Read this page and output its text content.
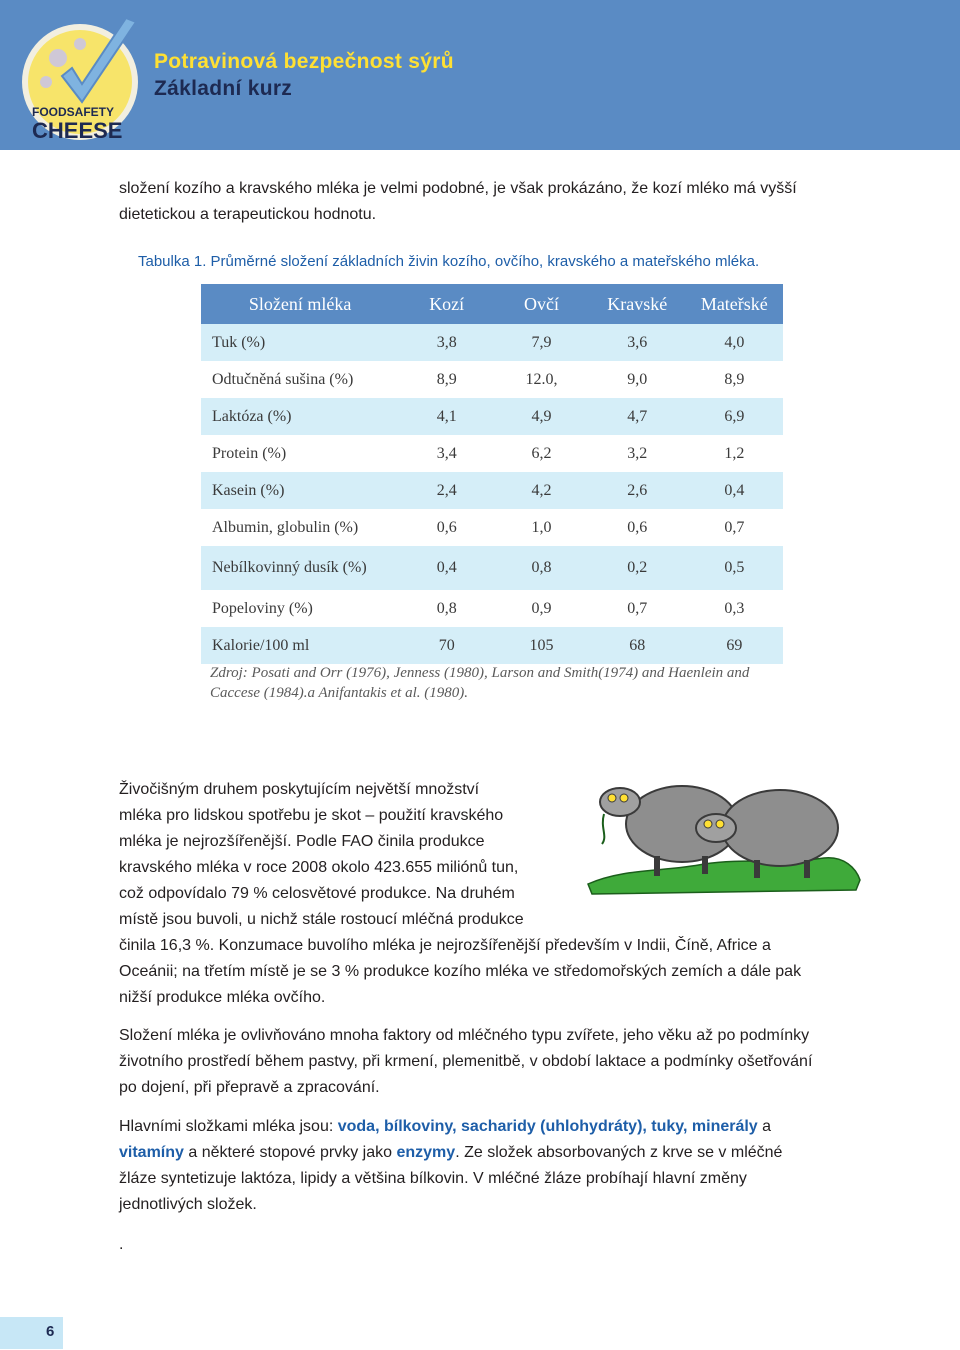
FOODSAFETY
CHEESE
Potravinová bezpečnost sýrů
Základní kurz

složení kozího a kravského mléka je velmi podobné, je však prokázáno, že kozí mléko má vyšší
dietetickou a terapeutickou hodnotu.

Tabulka 1. Průměrné složení základních živin kozího, ovčího, kravského a mateřského mléka.

Složení mléka	Kozí	Ovčí	Kravské	Mateřské
Tuk (%)	3,8	7,9	3,6	4,0
Odtučněná sušina (%)	8,9	12.0,	9,0	8,9
Laktóza (%)	4,1	4,9	4,7	6,9
Protein (%)	3,4	6,2	3,2	1,2
Kasein (%)	2,4	4,2	2,6	0,4
Albumin, globulin (%)	0,6	1,0	0,6	0,7
Nebílkovinný dusík (%)	0,4	0,8	0,2	0,5
Popeloviny (%)	0,8	0,9	0,7	0,3
Kalorie/100 ml	70	105	68	69

Zdroj: Posati and Orr (1976), Jenness (1980), Larson and Smith(1974) and Haenlein and
Caccese (1984).a Anifantakis et al. (1980).

Živočišným druhem poskytujícím největší množství
mléka pro lidskou spotřebu je skot – použití kravského
mléka je nejrozšířenější. Podle FAO činila produkce
kravského mléka v roce 2008 okolo 423.655 miliónů tun,
což odpovídalo 79 % celosvětové produkce. Na druhém
místě jsou buvoli, u nichž stále rostoucí mléčná produkce
činila 16,3 %. Konzumace buvolího mléka je nejrozšířenější především v Indii, Číně, Africe a
Oceánii; na třetím místě je se 3 % produkce kozího mléka ve středomořských zemích a dále pak
nižší produkce mléka ovčího.

Složení mléka je ovlivňováno mnoha faktory od mléčného typu zvířete, jeho věku až po podmínky
životního prostředí během pastvy, při krmení, plemenitbě, v období laktace a podmínky ošetřování
po dojení, při přepravě a zpracování.

Hlavními složkami mléka jsou: voda, bílkoviny, sacharidy (uhlohydráty), tuky, minerály a
vitamíny a některé stopové prvky jako enzymy. Ze složek absorbovaných z krve se v mléčné
žláze syntetizuje laktóza, lipidy a většina bílkovin. V mléčné žláze probíhají hlavní změny
jednotlivých složek.

.
6
